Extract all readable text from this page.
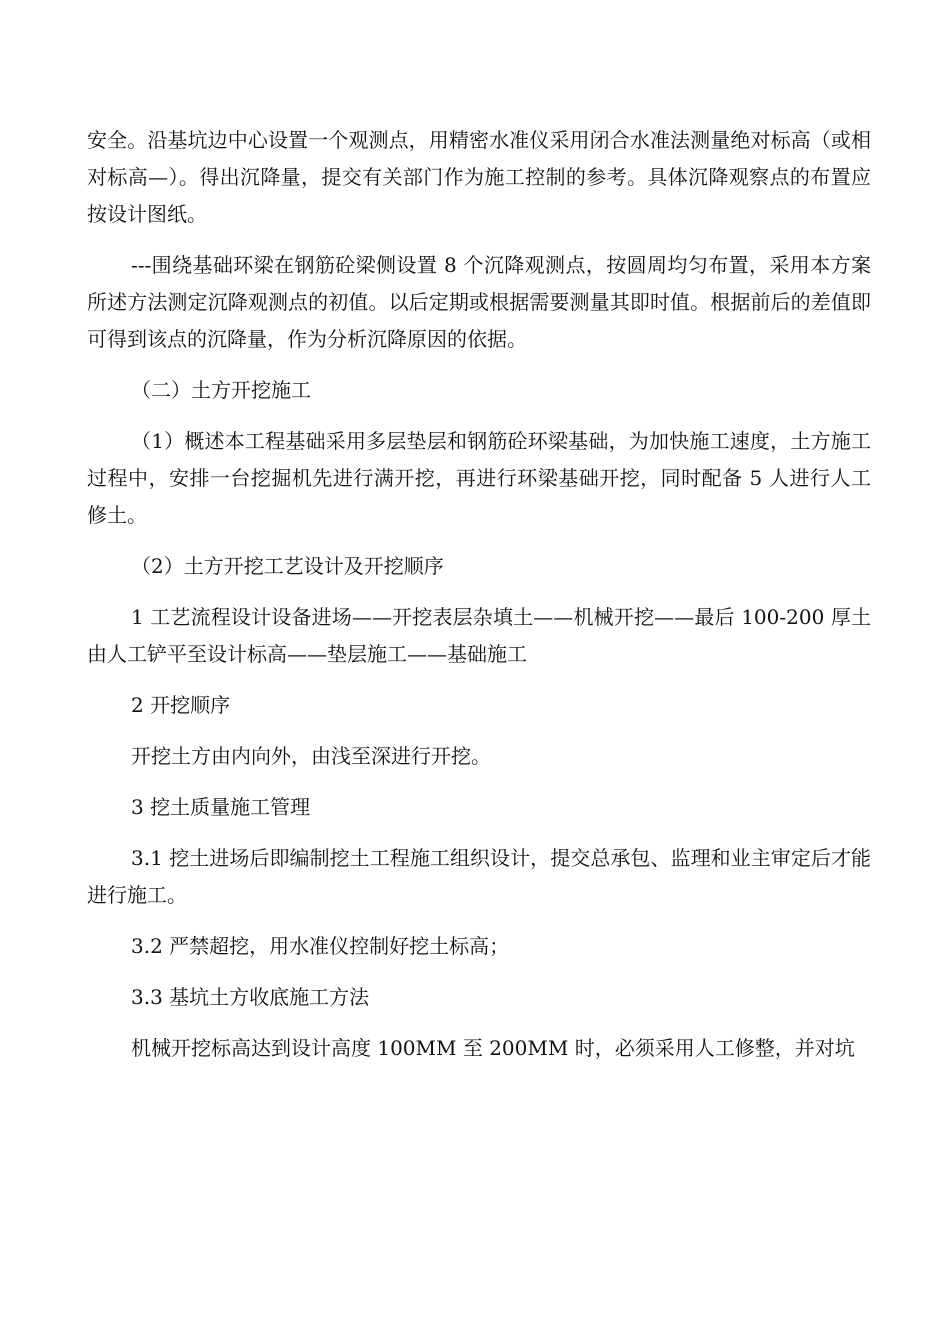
安全。沿基坑边中心设置一个观测点，用精密水准仪采用闭合水准法测量绝对标高（或相对标高—）。得出沉降量，提交有关部门作为施工控制的参考。具体沉降观察点的布置应按设计图纸。

---围绕基础环梁在钢筋砼梁侧设置 8 个沉降观测点，按圆周均匀布置，采用本方案所述方法测定沉降观测点的初值。以后定期或根据需要测量其即时值。根据前后的差值即可得到该点的沉降量，作为分析沉降原因的依据。

（二）土方开挖施工

（1）概述本工程基础采用多层垫层和钢筋砼环梁基础，为加快施工速度，土方施工过程中，安排一台挖掘机先进行满开挖，再进行环梁基础开挖，同时配备 5 人进行人工修土。

（2）土方开挖工艺设计及开挖顺序

1 工艺流程设计设备进场——开挖表层杂填土——机械开挖——最后 100-200 厚土由人工铲平至设计标高——垫层施工——基础施工

2 开挖顺序

开挖土方由内向外，由浅至深进行开挖。

3 挖土质量施工管理

3.1 挖土进场后即编制挖土工程施工组织设计，提交总承包、监理和业主审定后才能进行施工。

3.2 严禁超挖，用水准仪控制好挖土标高；

3.3 基坑土方收底施工方法

机械开挖标高达到设计高度 100MM 至 200MM 时，必须采用人工修整，并对坑
